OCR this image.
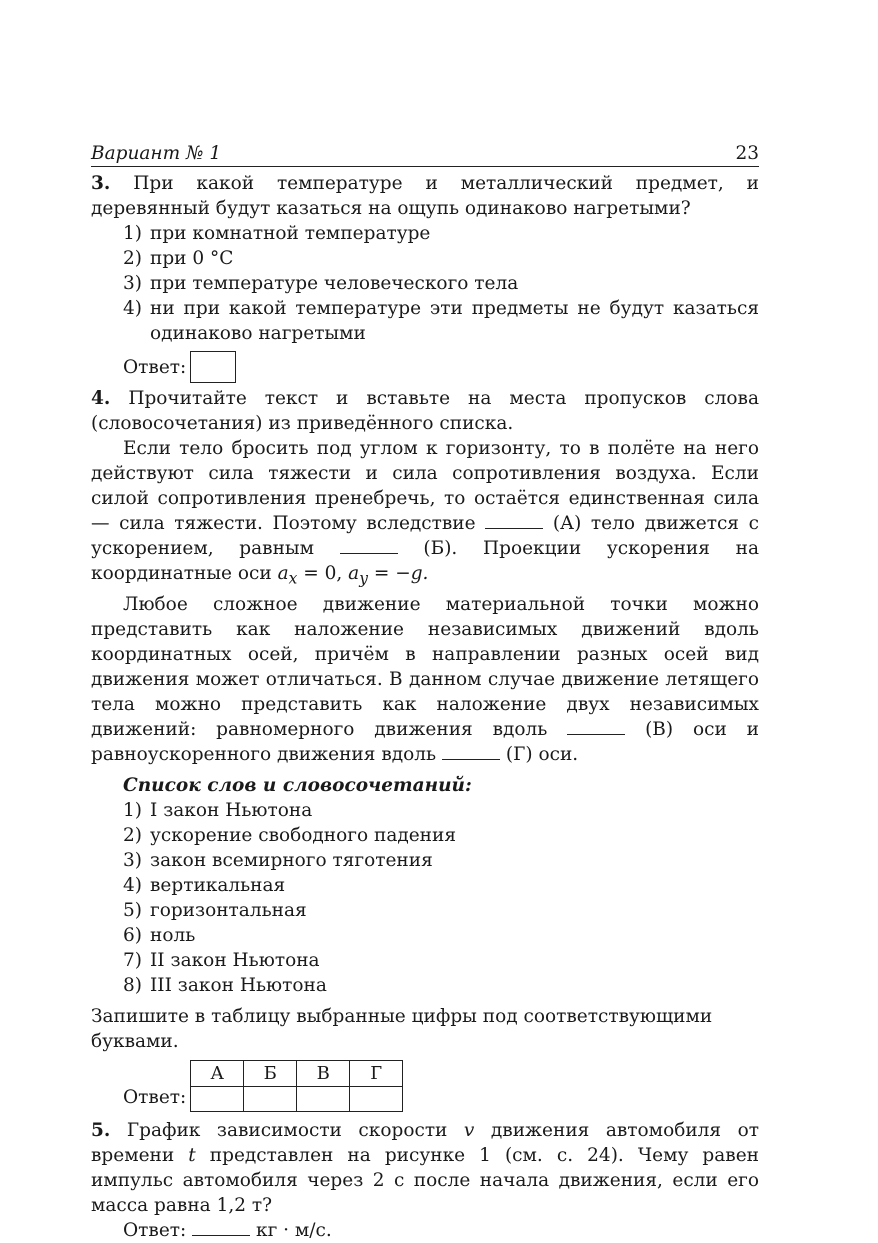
Вариант № 1	23

3. При какой температуре и металлический предмет, и деревянный будут казаться на ощупь одинаково нагретыми?

1) при комнатной температуре
2) при 0 °С
3) при температуре человеческого тела
4) ни при какой температуре эти предметы не будут казаться одинаково нагретыми
Ответ:

4. Прочитайте текст и вставьте на места пропусков слова (словосочетания) из приведённого списка.

Если тело бросить под углом к горизонту, то в полёте на него действуют сила тяжести и сила сопротивления воздуха. Если силой сопротивления пренебречь, то остаётся единственная сила — сила тяжести. Поэтому вследствие	(А) тело движется с ускорением, равным	(Б). Проекции ускорения на координатные оси $a_x = 0$, $a_y = -g$.

Любое сложное движение материальной точки можно представить как наложение независимых движений вдоль координатных осей, причём в направлении разных осей вид движения может отличаться. В данном случае движение летящего тела можно представить как наложение двух независимых движений: равномерного движения вдоль	(В) оси и равноускоренного движения вдоль	(Г) оси.

Список слов и словосочетаний:
1) I закон Ньютона
2) ускорение свободного падения
3) закон всемирного тяготения
4) вертикальная
5) горизонтальная
6) ноль
7) II закон Ньютона
8) III закон Ньютона

Запишите в таблицу выбранные цифры под соответствующими буквами.

Ответ:
А	Б	В	Г

5. График зависимости скорости v движения автомобиля от времени t представлен на рисунке 1 (см. с. 24). Чему равен импульс автомобиля через 2 с после начала движения, если его масса равна 1,2 т?

Ответ:	кг · м/с.
